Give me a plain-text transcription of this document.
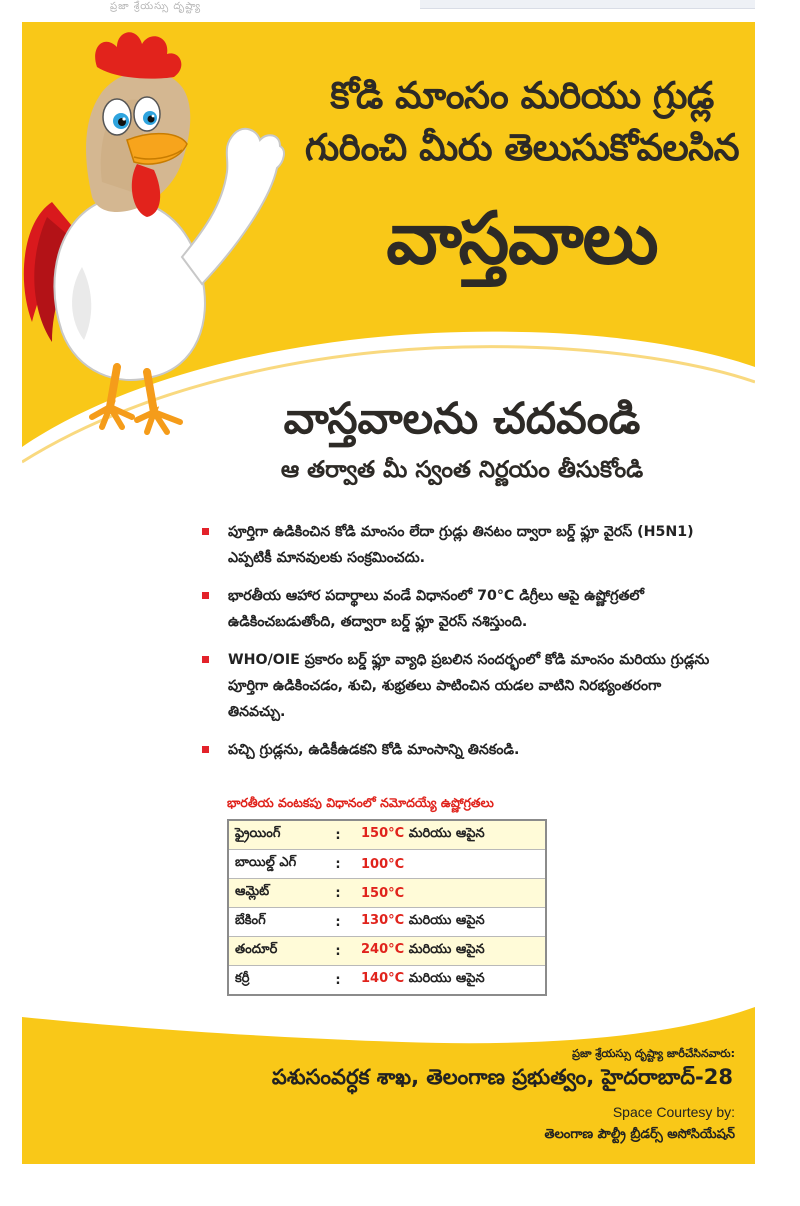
ప్రజా శ్రేయస్సు దృష్ట్యా
కోడి మాంసం మరియు గ్రుడ్ల
గురించి మీరు తెలుసుకోవలసిన
వాస్తవాలు
వాస్తవాలను చదవండి
ఆ తర్వాత మీ స్వంత నిర్ణయం తీసుకోండి
పూర్తిగా ఉడికించిన కోడి మాంసం లేదా గ్రుడ్లు తినటం ద్వారా బర్డ్ ఫ్లూ వైరస్ (H5N1) ఎప్పటికీ మానవులకు సంక్రమించదు.
భారతీయ ఆహార పదార్థాలు వండే విధానంలో 70°C డిగ్రీలు ఆపై ఉష్ణోగ్రతలో ఉడికించబడుతోంది, తద్వారా బర్డ్ ఫ్లూ వైరస్ నశిస్తుంది.
WHO/OIE ప్రకారం బర్డ్ ఫ్లూ వ్యాధి ప్రబలిన సందర్భంలో కోడి మాంసం మరియు గ్రుడ్లను పూర్తిగా ఉడికించడం, శుచి, శుభ్రతలు పాటించిన యడల వాటిని నిరభ్యంతరంగా తినవచ్చు.
పచ్చి గ్రుడ్లను, ఉడికీఉడకని కోడి మాంసాన్ని తినకండి.
భారతీయ వంటకపు విధానంలో నమోదయ్యే ఉష్ణోగ్రతలు
ఫ్రైయింగ్	:	150°C మరియు ఆపైన
బాయిల్డ్ ఎగ్	:	100°C
ఆమ్లెట్	:	150°C
బేకింగ్	:	130°C మరియు ఆపైన
తందూర్	:	240°C మరియు ఆపైన
కర్రీ	:	140°C మరియు ఆపైన
ప్రజా శ్రేయస్సు దృష్ట్యా జారీచేసినవారు:
పశుసంవర్ధక శాఖ, తెలంగాణ ప్రభుత్వం, హైదరాబాద్-28
Space Courtesy by:
తెలంగాణ పౌల్ట్రీ బ్రీడర్స్ అసోసియేషన్
